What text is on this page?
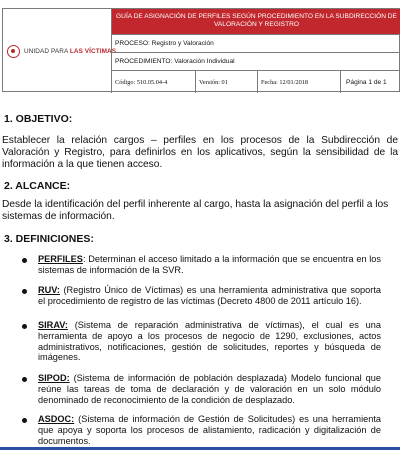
UNIDAD PARA LAS VÍCTIMAS
GUÍA DE ASIGNACIÓN DE PERFILES SEGÚN PROCEDIMIENTO EN LA SUBDIRECCIÓN DE VALORACIÓN Y REGISTRO
PROCESO: Registro y Valoración
PROCEDIMIENTO: Valoración Individual
Código: 510.05.04-4	Versión: 01	Fecha: 12/01/2018	Página 1 de 1
1. OBJETIVO:
Establecer la relación cargos – perfiles en los procesos de la Subdirección de Valoración y Registro, para definirlos en los aplicativos, según la sensibilidad de la información a la que tienen acceso.
2. ALCANCE:
Desde la identificación del perfil inherente al cargo, hasta la asignación del perfil a los sistemas de información.
3. DEFINICIONES:
PERFILES: Determinan el acceso limitado a la información que se encuentra en los sistemas de información de la SVR.
RUV: (Registro Único de Víctimas) es una herramienta administrativa que soporta el procedimiento de registro de las víctimas (Decreto 4800 de 2011 artículo 16).
SIRAV: (Sistema de reparación administrativa de víctimas), el cual es una herramienta de apoyo a los procesos de negocio de 1290, exclusiones, actos administrativos, notificaciones, gestión de solicitudes, reportes y búsqueda de imágenes.
SIPOD: (Sistema de información de población desplazada) Modelo funcional que reúne las tareas de toma de declaración y de valoración en un solo módulo denominado de reconocimiento de la condición de desplazado.
ASDOC: (Sistema de información de Gestión de Solicitudes) es una herramienta que apoya y soporta los procesos de alistamiento, radicación y digitalización de documentos.
